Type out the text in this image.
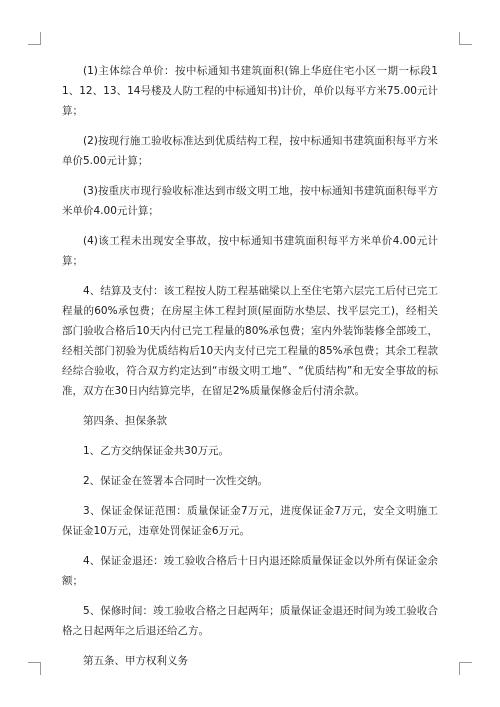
(1)主体综合单价：按中标通知书建筑面积(锦上华庭住宅小区一期一标段11、12、13、14号楼及人防工程的中标通知书)计价，单价以每平方米75.00元计算；

(2)按现行施工验收标准达到优质结构工程，按中标通知书建筑面积每平方米单价5.00元计算；

(3)按重庆市现行验收标准达到市级文明工地，按中标通知书建筑面积每平方米单价4.00元计算；

(4)该工程未出现安全事故，按中标通知书建筑面积每平方米单价4.00元计算；

4、结算及支付：该工程按人防工程基础梁以上至住宅第六层完工后付已完工程量的60%承包费；在房屋主体工程封顶(屋面防水垫层、找平层完工)，经相关部门验收合格后10天内付已完工程量的80%承包费；室内外装饰装修全部竣工，经相关部门初验为优质结构后10天内支付已完工程量的85%承包费；其余工程款经综合验收，符合双方约定达到“市级文明工地”、“优质结构”和无安全事故的标准，双方在30日内结算完毕，在留足2%质量保修金后付清余款。

第四条、担保条款

1、乙方交纳保证金共30万元。

2、保证金在签署本合同时一次性交纳。

3、保证金保证范围：质量保证金7万元，进度保证金7万元，安全文明施工保证金10万元，违章处罚保证金6万元。

4、保证金退还：竣工验收合格后十日内退还除质量保证金以外所有保证金余额；

5、保修时间：竣工验收合格之日起两年；质量保证金退还时间为竣工验收合格之日起两年之后退还给乙方。

第五条、甲方权利义务
